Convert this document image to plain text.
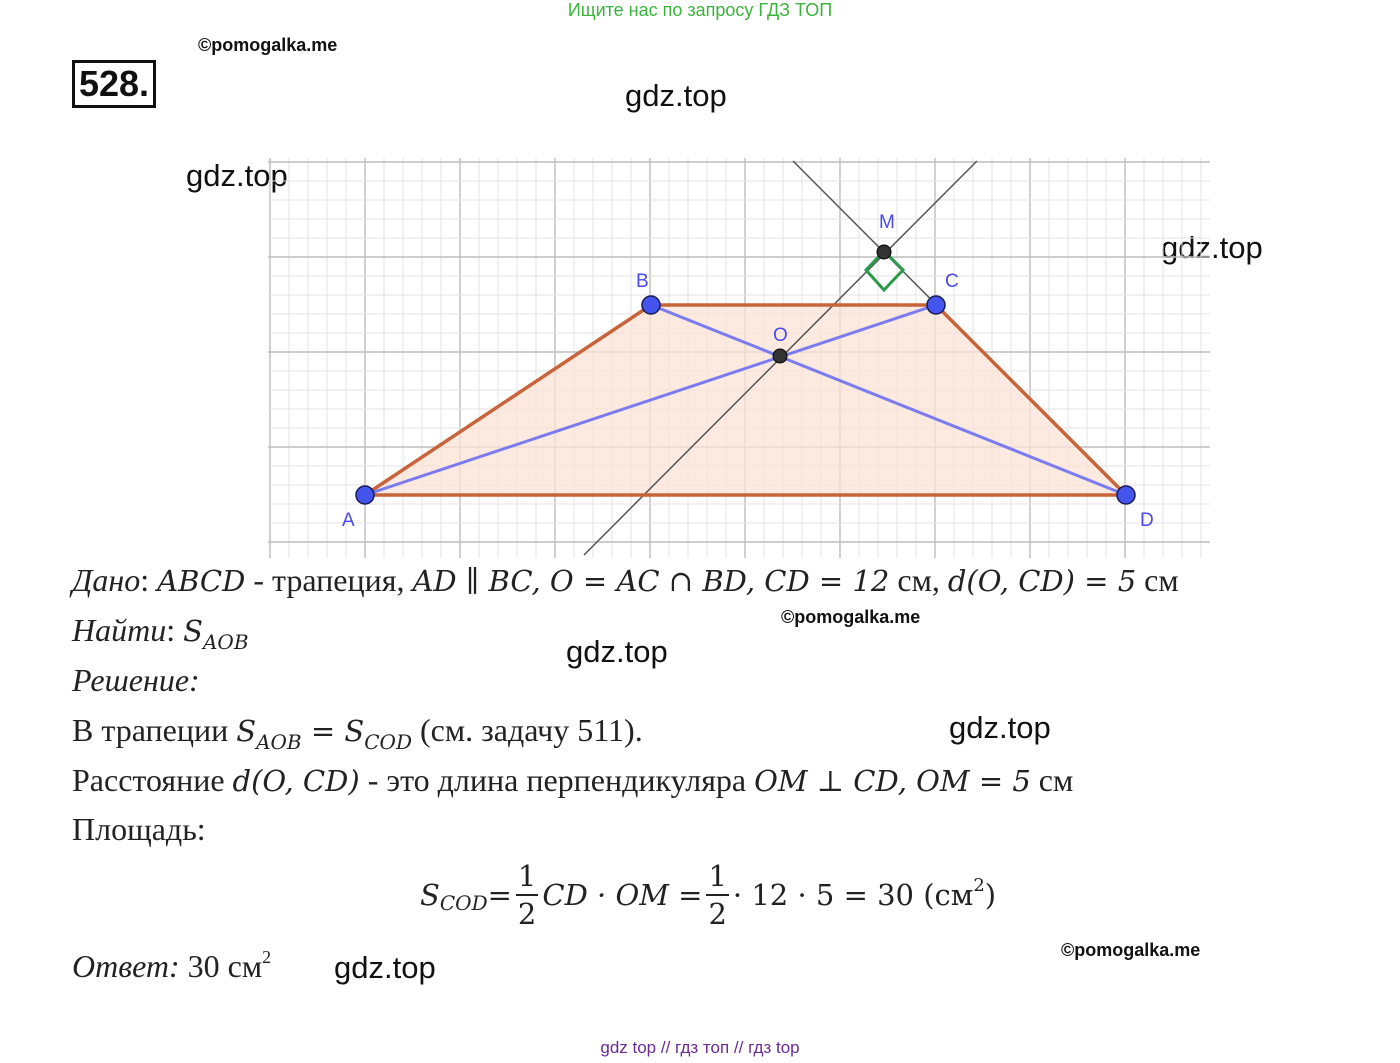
Ищите нас по запросу ГДЗ ТОП
©pomogalka.me
528.	gdz.top
gdz.top
gdz.top
A
B	C
D
O
M
Дано: ABCD - трапеция, AD ∥ BC, O = AC ∩ BD, CD = 12 см, d(O, CD) = 5 см
©pomogalka.me
Найти: $S_{AOB}$	gdz.top
Решение:
В трапеции $S_{AOB} = S_{COD}$ (см. задачу 511).	gdz.top
Расстояние d(O, CD) - это длина перпендикуляра OM ⊥ CD, OM = 5 см
Площадь:
S COD = $\frac{1}{2}$ CD · OM = $\frac{1}{2} \cdot 12 \cdot 5 = 30$ $(см^2)$
©pomogalka.me
Ответ: 30 $см^2$ gdz.top
gdz top // гдз топ // гдз top
